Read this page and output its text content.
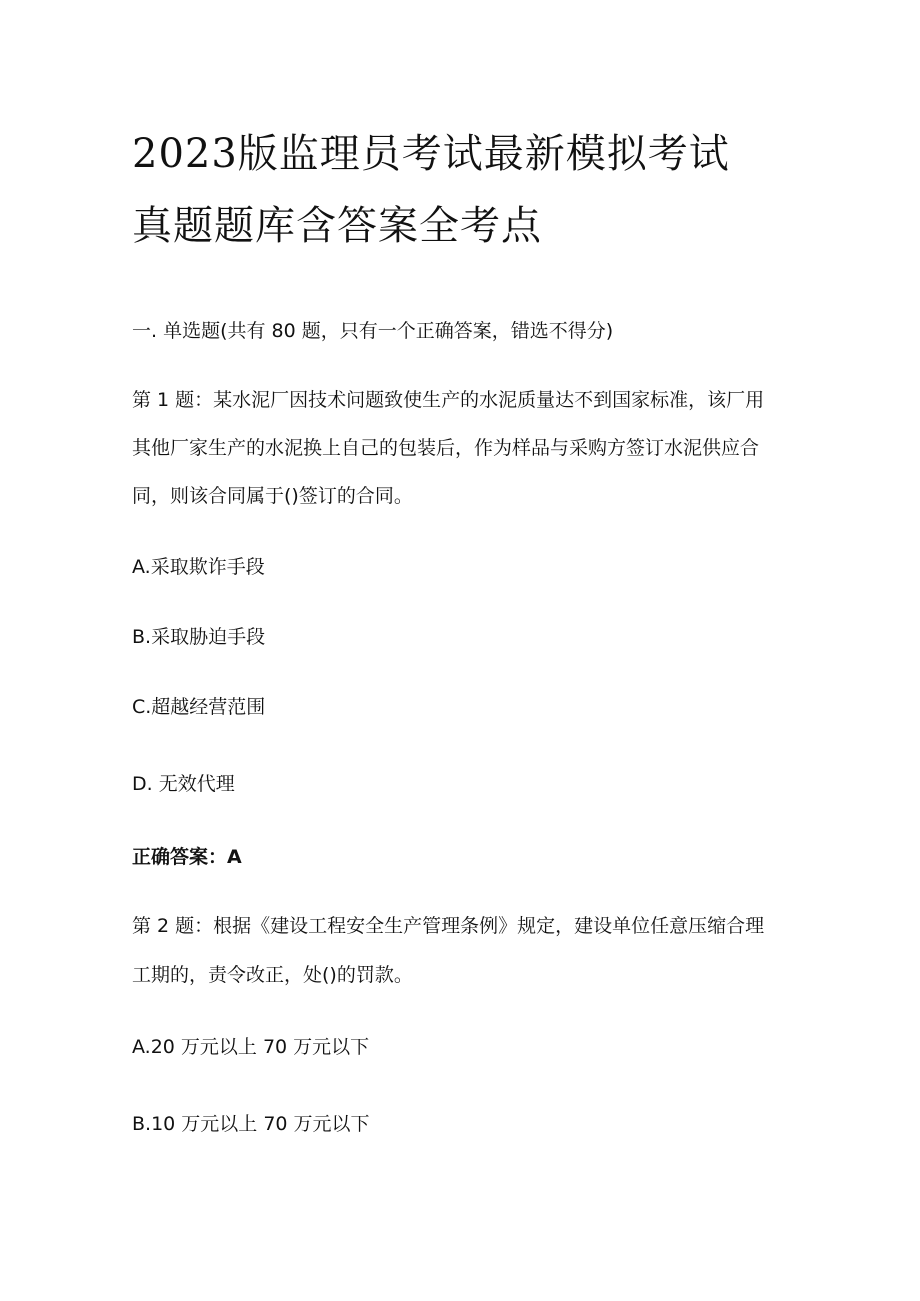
2023版监理员考试最新模拟考试
真题题库含答案全考点

一. 单选题(共有 80 题，只有一个正确答案，错选不得分)

第 1 题：某水泥厂因技术问题致使生产的水泥质量达不到国家标准，该厂用

其他厂家生产的水泥换上自己的包装后，作为样品与采购方签订水泥供应合

同，则该合同属于()签订的合同。

A.采取欺诈手段

B.采取胁迫手段

C.超越经营范围

D. 无效代理

正确答案：A

第 2 题：根据《建设工程安全生产管理条例》规定，建设单位任意压缩合理

工期的，责令改正，处()的罚款。

A.20 万元以上 70 万元以下

B.10 万元以上 70 万元以下
